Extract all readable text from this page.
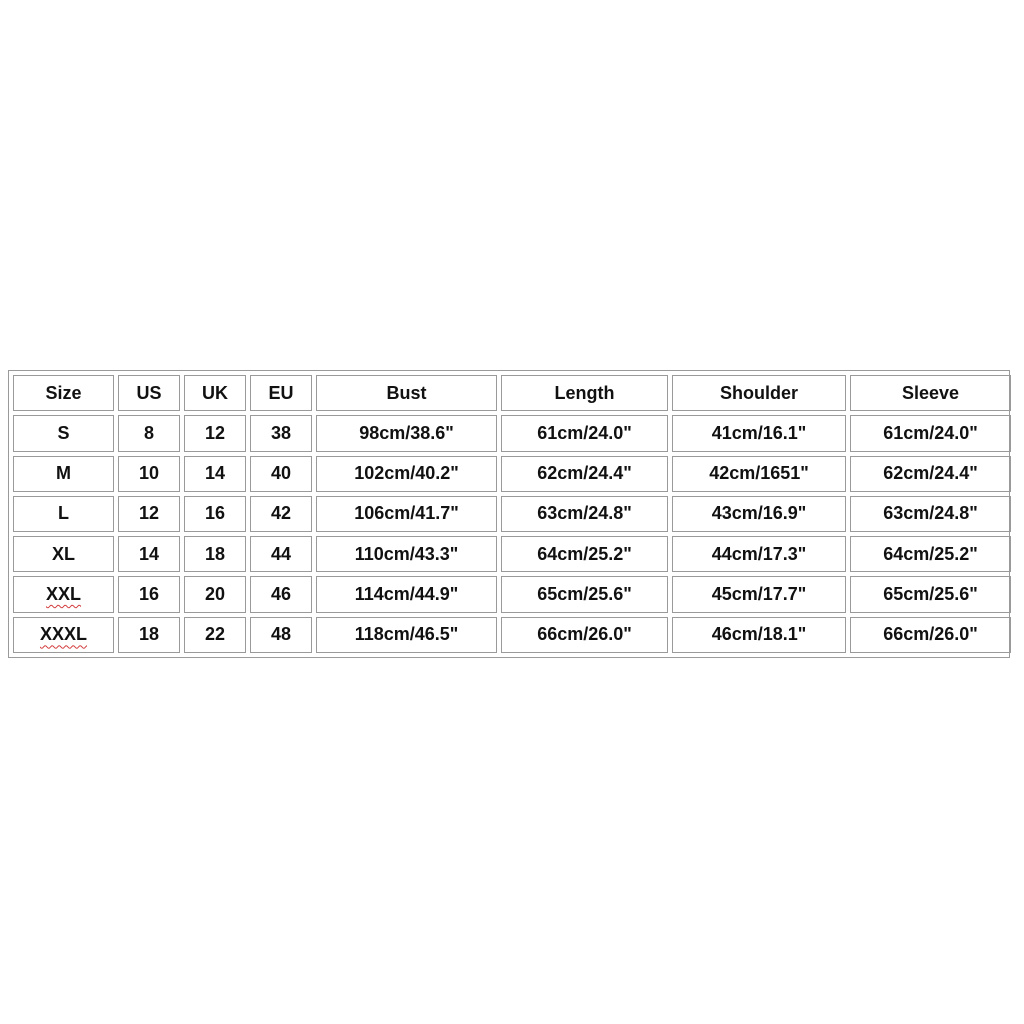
Size	US	UK	EU	Bust	Length	Shoulder	Sleeve
S	8	12	38	98cm/38.6"	61cm/24.0"	41cm/16.1"	61cm/24.0"
M	10	14	40	102cm/40.2"	62cm/24.4"	42cm/1651"	62cm/24.4"
L	12	16	42	106cm/41.7"	63cm/24.8"	43cm/16.9"	63cm/24.8"
XL	14	18	44	110cm/43.3"	64cm/25.2"	44cm/17.3"	64cm/25.2"
XXL	16	20	46	114cm/44.9"	65cm/25.6"	45cm/17.7"	65cm/25.6"
XXXL	18	22	48	118cm/46.5"	66cm/26.0"	46cm/18.1"	66cm/26.0"
